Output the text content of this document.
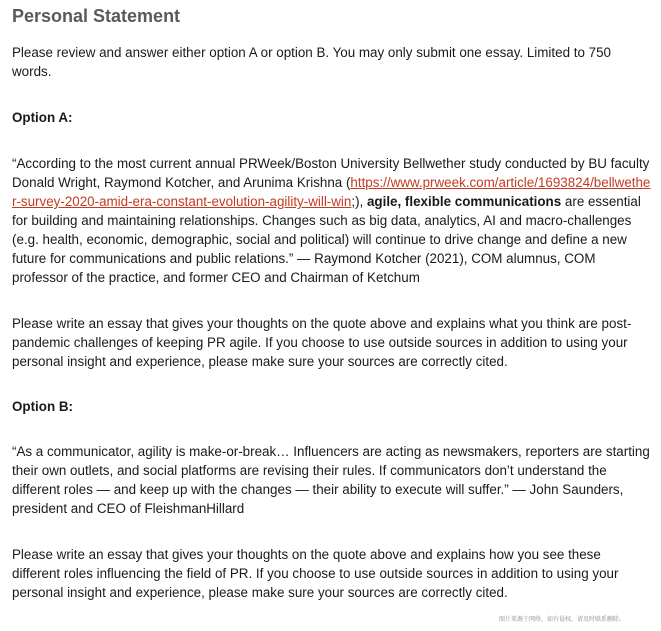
Personal Statement

Please review and answer either option A or option B. You may only submit one essay. Limited to 750 words.

Option A:

“According to the most current annual PRWeek/Boston University Bellwether study conducted by BU faculty Donald Wright, Raymond Kotcher, and Arunima Krishna (https://www.prweek.com/article/1693824/bellwether-survey-2020-amid-era-constant-evolution-agility-will-win;), agile, flexible communications are essential for building and maintaining relationships. Changes such as big data, analytics, AI and macro-challenges (e.g. health, economic, demographic, social and political) will continue to drive change and define a new future for communications and public relations.” — Raymond Kotcher (2021), COM alumnus, COM professor of the practice, and former CEO and Chairman of Ketchum

Please write an essay that gives your thoughts on the quote above and explains what you think are post-pandemic challenges of keeping PR agile. If you choose to use outside sources in addition to using your personal insight and experience, please make sure your sources are correctly cited.

Option B:

“As a communicator, agility is make-or-break… Influencers are acting as newsmakers, reporters are starting their own outlets, and social platforms are revising their rules. If communicators don’t understand the different roles — and keep up with the changes — their ability to execute will suffer.” — John Saunders, president and CEO of FleishmanHillard

Please write an essay that gives your thoughts on the quote above and explains how you see these different roles influencing the field of PR. If you choose to use outside sources in addition to using your personal insight and experience, please make sure your sources are correctly cited.

图片来源于网络，如有侵权，请及时联系删除。
